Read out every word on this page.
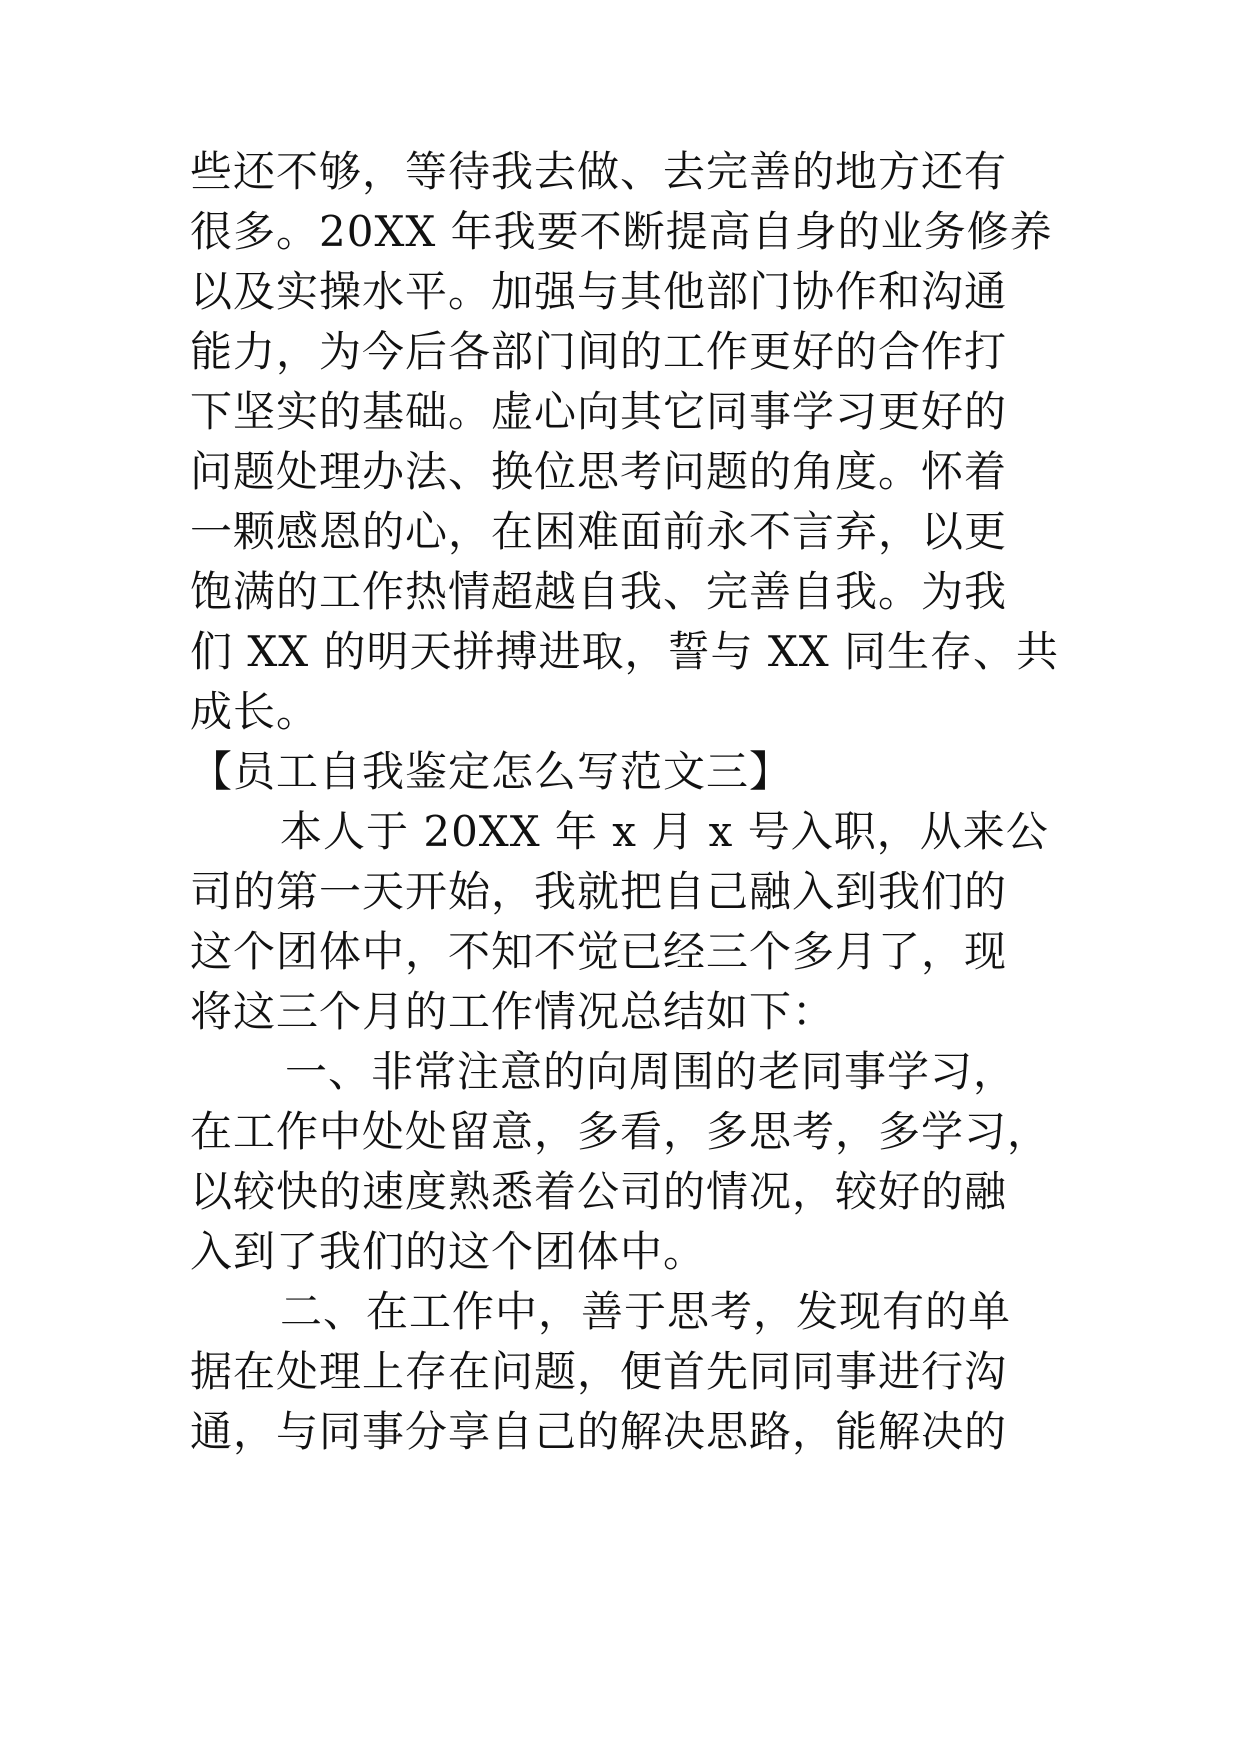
些还不够，等待我去做、去完善的地方还有
很多。20XX 年我要不断提高自身的业务修养
以及实操水平。加强与其他部门协作和沟通
能力，为今后各部门间的工作更好的合作打
下坚实的基础。虚心向其它同事学习更好的
问题处理办法、换位思考问题的角度。怀着
一颗感恩的心，在困难面前永不言弃，以更
饱满的工作热情超越自我、完善自我。为我
们 XX 的明天拼搏进取，誓与 XX 同生存、共
成长。
【员工自我鉴定怎么写范文三】
本人于 20XX 年 x 月 x 号入职，从来公
司的第一天开始，我就把自己融入到我们的
这个团体中，不知不觉已经三个多月了，现
将这三个月的工作情况总结如下：
一、非常注意的向周围的老同事学习，
在工作中处处留意，多看，多思考，多学习，
以较快的速度熟悉着公司的情况，较好的融
入到了我们的这个团体中。
二、在工作中，善于思考，发现有的单
据在处理上存在问题，便首先同同事进行沟
通，与同事分享自己的解决思路，能解决的
